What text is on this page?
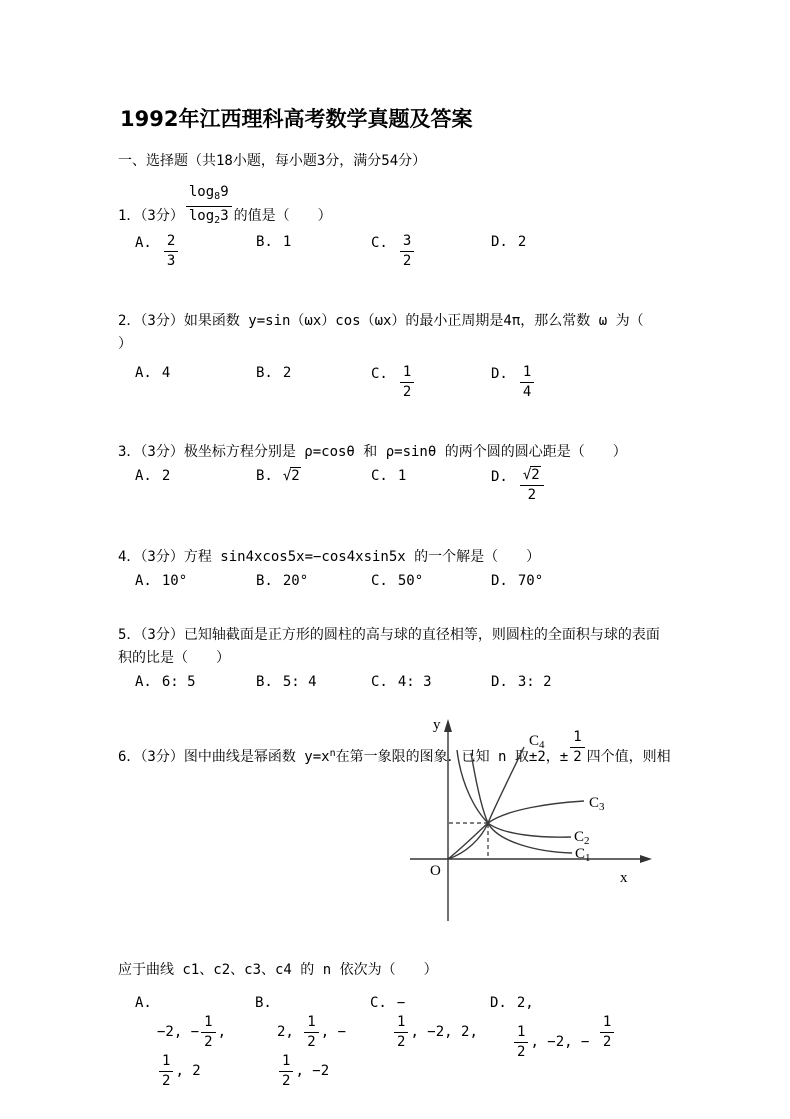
1992年江西理科高考数学真题及答案
一、选择题（共18小题，每小题3分，满分54分）
1．（3分） $\frac{\log_89}{\log_23}$ 的值是（　　）
A. $\frac{2}{3}$	B. 1	C. $\frac{3}{2}$	D. 2
2．（3分）如果函数 y=sin（ωx）cos（ωx）的最小正周期是4π，那么常数 ω 为（
）
A. 4	B. 2	C. $\frac{1}{2}$	D. $\frac{1}{4}$
3．（3分）极坐标方程分别是 ρ=cosθ 和 ρ=sinθ 的两个圆的圆心距是（　　）
A. 2	B. √2	C. 1	D. $\frac{√2}{2}$
4．（3分）方程 sin4xcos5x=−cos4xsin5x 的一个解是（　　）
A. 10°	B. 20°	C. 50°	D. 70°
5．（3分）已知轴截面是正方形的圆柱的高与球的直径相等，则圆柱的全面积与球的表面
积的比是（　　）
A. 6: 5	B. 5: 4	C. 4: 3	D. 3: 2
6．（3分）图中曲线是幂函数 $y=x^n$在第一象限的图象．已知 n 取±2，± $\frac{1}{2}$ 四个值，则相
应于曲线 c1、c2、c3、c4 的 n 依次为（　　）
A.
−2, − $\frac{1}{2}$ ,
$\frac{1}{2}$ , 2
B.
2, $\frac{1}{2}$ , −
$\frac{1}{2}$ , −2
C. −
$\frac{1}{2}$ , −2, 2,
D. 2,
$\frac{1}{2}$ , −2, − $\frac{1}{2}$
y
x
O
$C_4$
$C_3$
$C_2$
$C_1$
